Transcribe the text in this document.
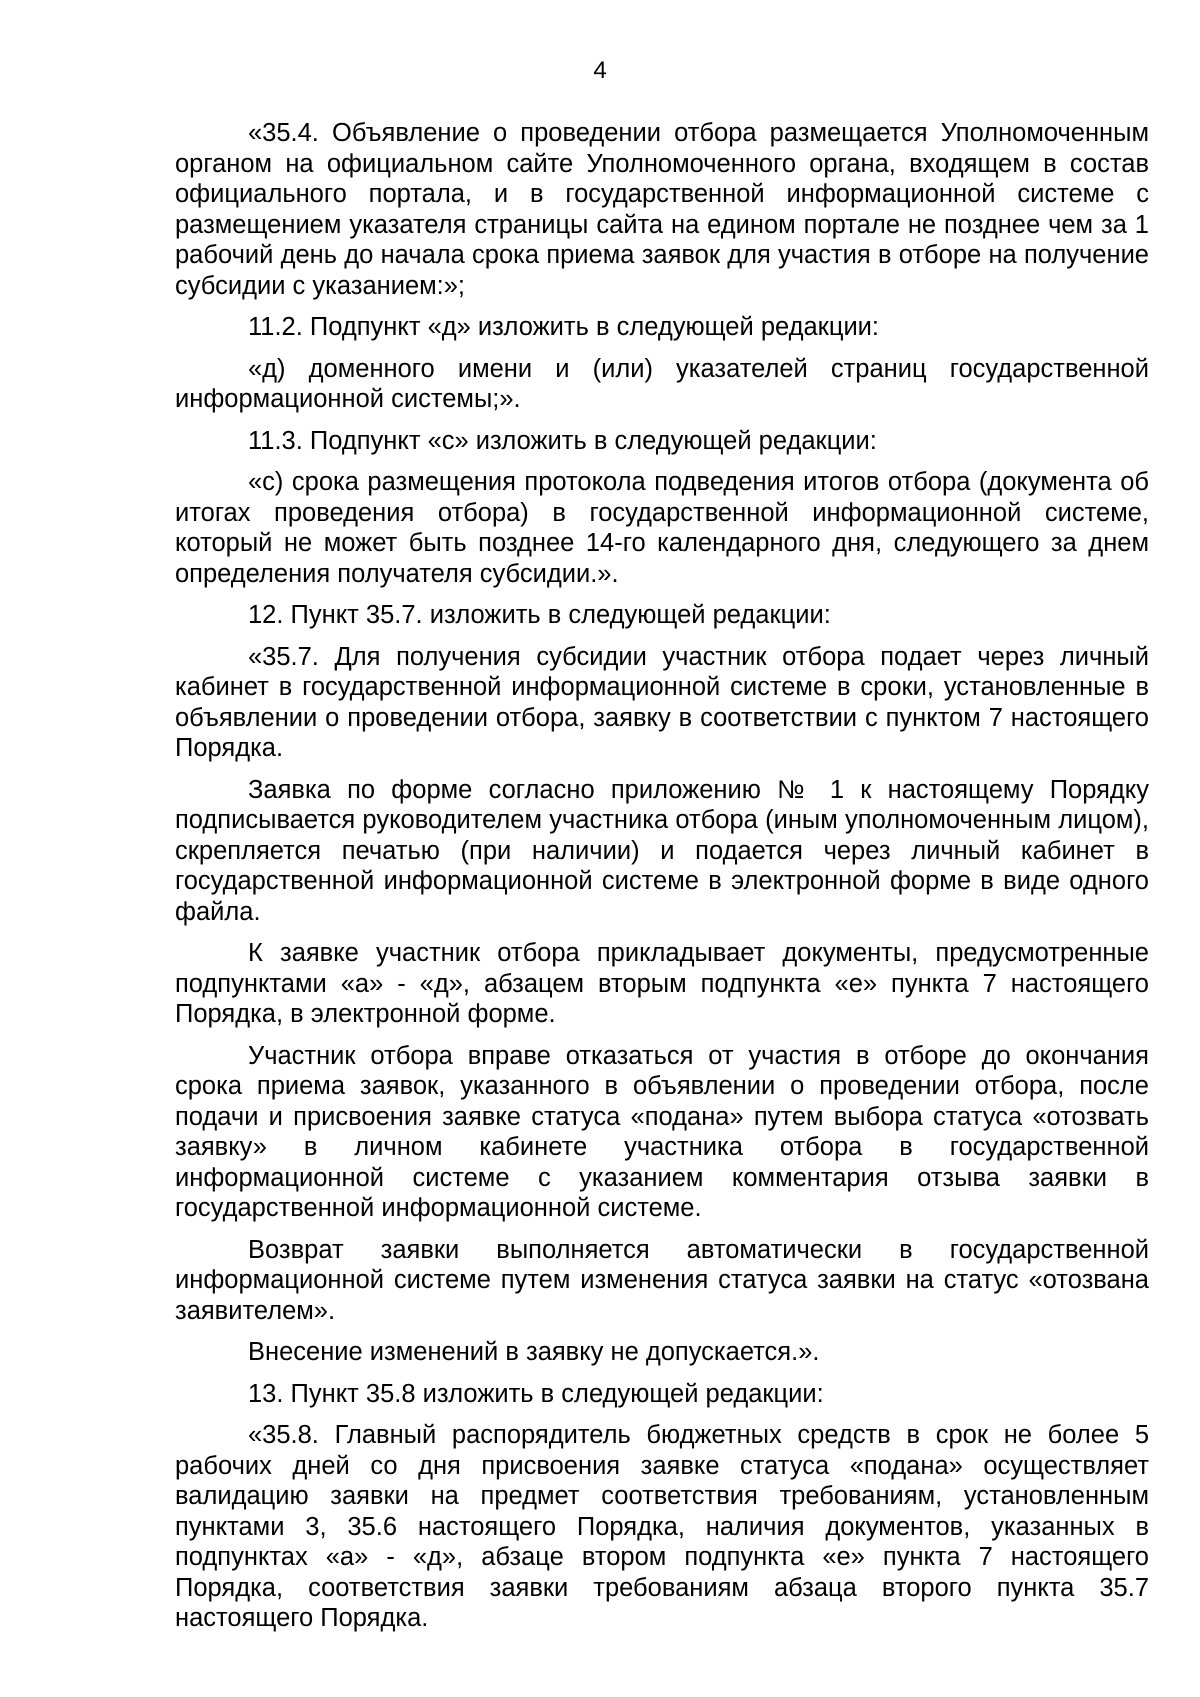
4

«35.4. Объявление о проведении отбора размещается Уполномоченным органом на официальном сайте Уполномоченного органа, входящем в состав официального портала, и в государственной информационной системе с размещением указателя страницы сайта на едином портале не позднее чем за 1 рабочий день до начала срока приема заявок для участия в отборе на получение субсидии с указанием:»;

11.2. Подпункт «д» изложить в следующей редакции:

«д) доменного имени и (или) указателей страниц государственной информационной системы;».

11.3. Подпункт «с» изложить в следующей редакции:

«с) срока размещения протокола подведения итогов отбора (документа об итогах проведения отбора) в государственной информационной системе, который не может быть позднее 14-го календарного дня, следующего за днем определения получателя субсидии.».

12. Пункт 35.7. изложить в следующей редакции:

«35.7. Для получения субсидии участник отбора подает через личный кабинет в государственной информационной системе в сроки, установленные в объявлении о проведении отбора, заявку в соответствии с пунктом 7 настоящего Порядка.

Заявка по форме согласно приложению № 1 к настоящему Порядку подписывается руководителем участника отбора (иным уполномоченным лицом), скрепляется печатью (при наличии) и подается через личный кабинет в государственной информационной системе в электронной форме в виде одного файла.

К заявке участник отбора прикладывает документы, предусмотренные подпунктами «а» - «д», абзацем вторым подпункта «е» пункта 7 настоящего Порядка, в электронной форме.

Участник отбора вправе отказаться от участия в отборе до окончания срока приема заявок, указанного в объявлении о проведении отбора, после подачи и присвоения заявке статуса «подана» путем выбора статуса «отозвать заявку» в личном кабинете участника отбора в государственной информационной системе с указанием комментария отзыва заявки в государственной информационной системе.

Возврат заявки выполняется автоматически в государственной информационной системе путем изменения статуса заявки на статус «отозвана заявителем».

Внесение изменений в заявку не допускается.».

13. Пункт 35.8 изложить в следующей редакции:

«35.8. Главный распорядитель бюджетных средств в срок не более 5 рабочих дней со дня присвоения заявке статуса «подана» осуществляет валидацию заявки на предмет соответствия требованиям, установленным пунктами 3, 35.6 настоящего Порядка, наличия документов, указанных в подпунктах «а» - «д», абзаце втором подпункта «е» пункта 7 настоящего Порядка, соответствия заявки требованиям абзаца второго пункта 35.7 настоящего Порядка.
